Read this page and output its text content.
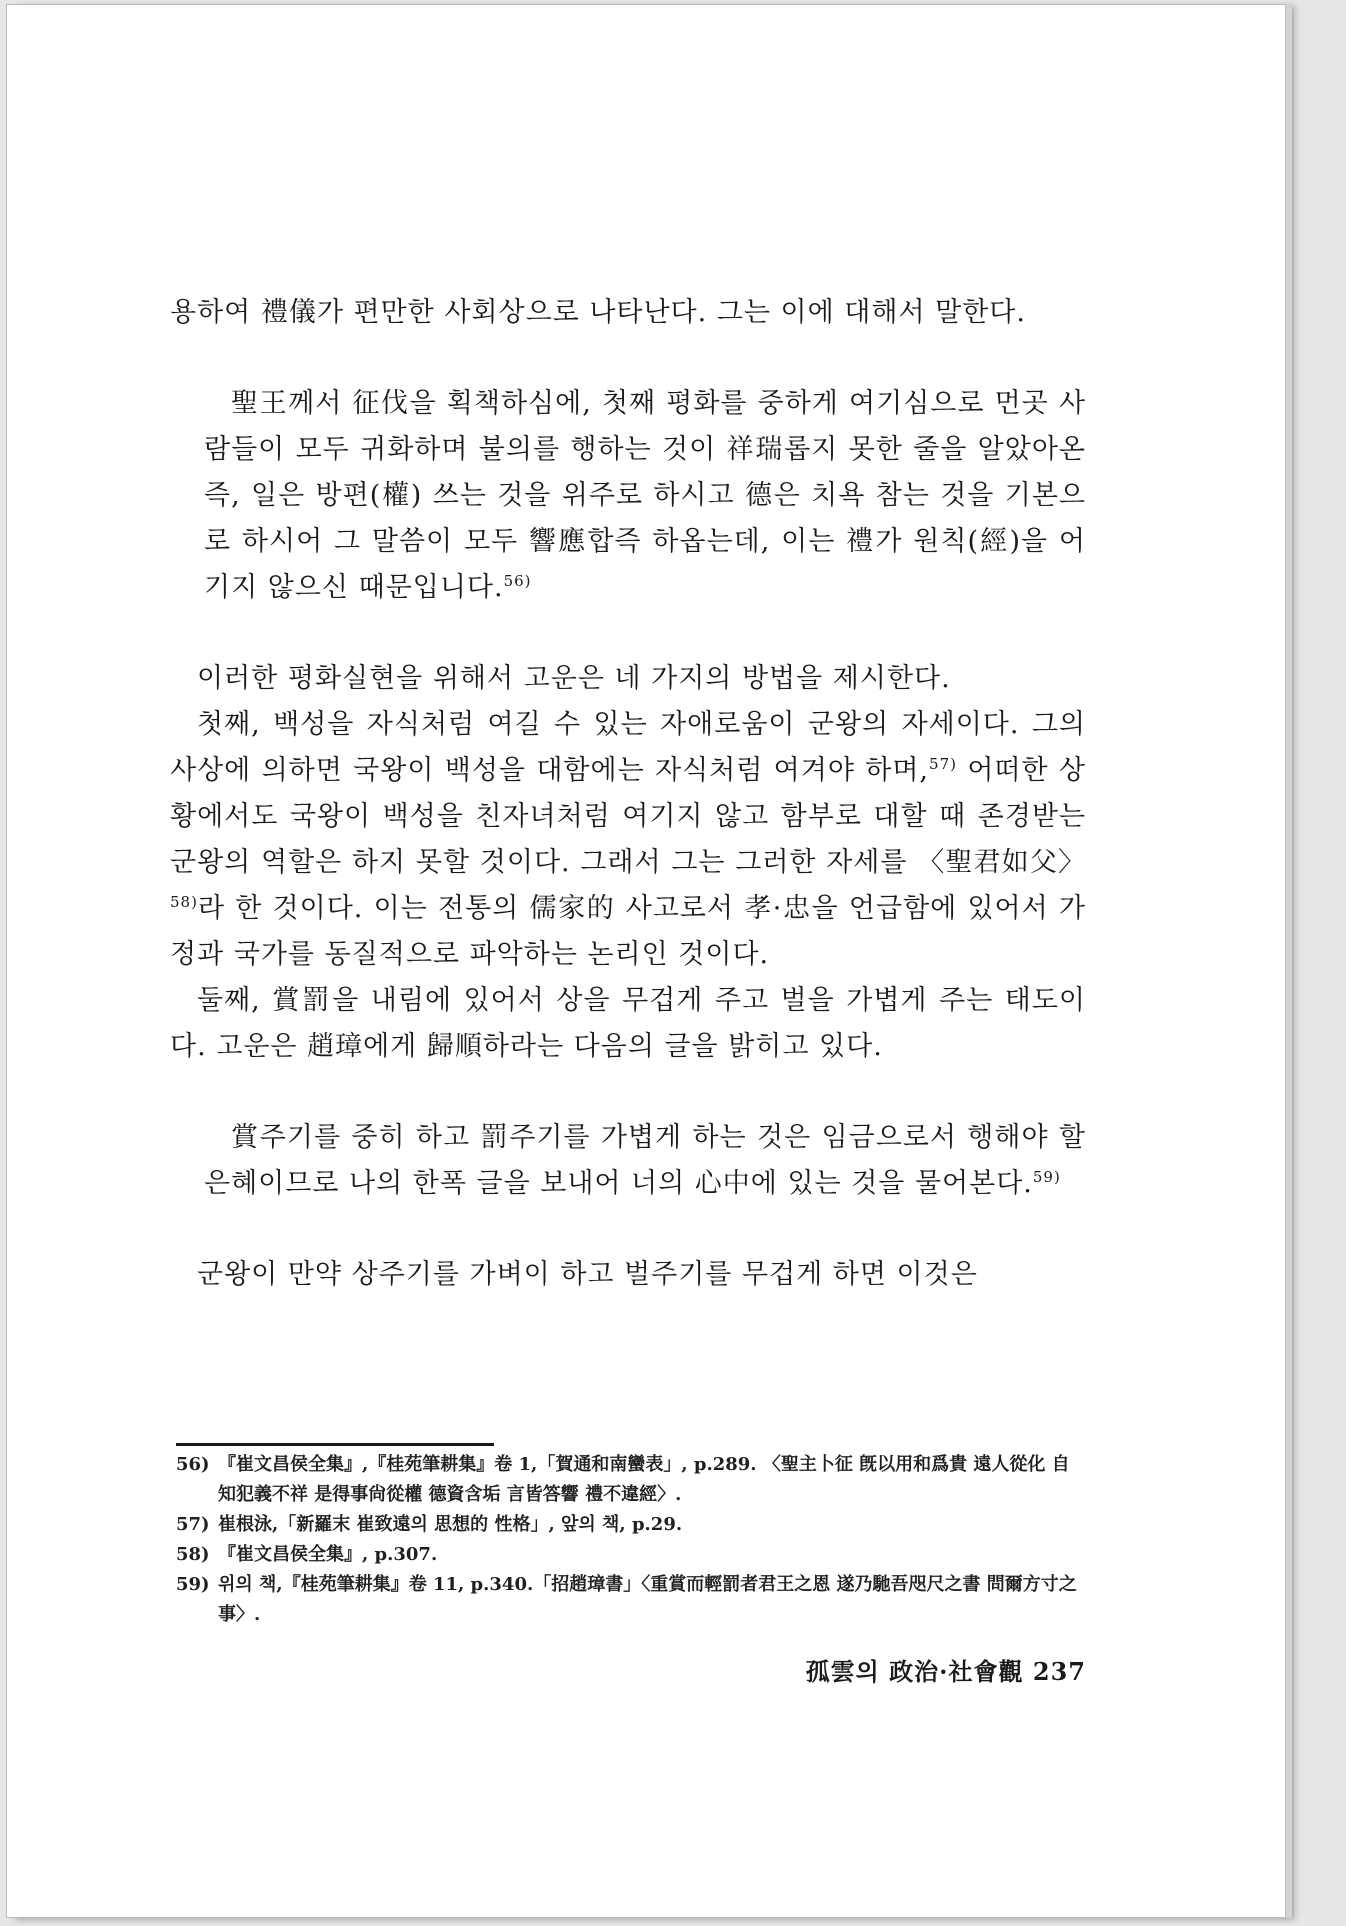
용하여 禮儀가 편만한 사회상으로 나타난다. 그는 이에 대해서 말한다.

聖王께서 征伐을 획책하심에, 첫째 평화를 중하게 여기심으로 먼곳 사람들이 모두 귀화하며 불의를 행하는 것이 祥瑞롭지 못한 줄을 알았아온즉, 일은 방편(權) 쓰는 것을 위주로 하시고 德은 치욕 참는 것을 기본으로 하시어 그 말씀이 모두 響應합즉 하옵는데, 이는 禮가 원칙(經)을 어기지 않으신 때문입니다.$^{56)}$

이러한 평화실현을 위해서 고운은 네 가지의 방법을 제시한다.

첫째, 백성을 자식처럼 여길 수 있는 자애로움이 군왕의 자세이다. 그의 사상에 의하면 국왕이 백성을 대함에는 자식처럼 여겨야 하며,$^{57)}$ 어떠한 상황에서도 국왕이 백성을 친자녀처럼 여기지 않고 함부로 대할 때 존경받는 군왕의 역할은 하지 못할 것이다. 그래서 그는 그러한 자세를 〈聖君如父〉$^{58)}$라 한 것이다. 이는 전통의 儒家的 사고로서 孝·忠을 언급함에 있어서 가정과 국가를 동질적으로 파악하는 논리인 것이다.

둘째, 賞罰을 내림에 있어서 상을 무겁게 주고 벌을 가볍게 주는 태도이다. 고운은 趙璋에게 歸順하라는 다음의 글을 밝히고 있다.

賞주기를 중히 하고 罰주기를 가볍게 하는 것은 임금으로서 행해야 할 은혜이므로 나의 한폭 글을 보내어 너의 心中에 있는 것을 물어본다.$^{59)}$

군왕이 만약 상주기를 가벼이 하고 벌주기를 무겁게 하면 이것은

56) 『崔文昌侯全集』,『桂苑筆耕集』卷 1,「賀通和南蠻表」, p.289. 〈聖主卜征 旣以用和爲貴 遠人從化 自知犯義不祥 是得事尙從權 德資含垢 言皆答響 禮不違經〉.

57) 崔根泳,「新羅末 崔致遠의 思想的 性格」, 앞의 책, p.29.

58) 『崔文昌侯全集』, p.307.

59) 위의 책,『桂苑筆耕集』卷 11, p.340.「招趙璋書」〈重賞而輕罰者君王之恩 遂乃馳吾咫尺之書 問爾方寸之事〉.

孤雲의 政治·社會觀 237
